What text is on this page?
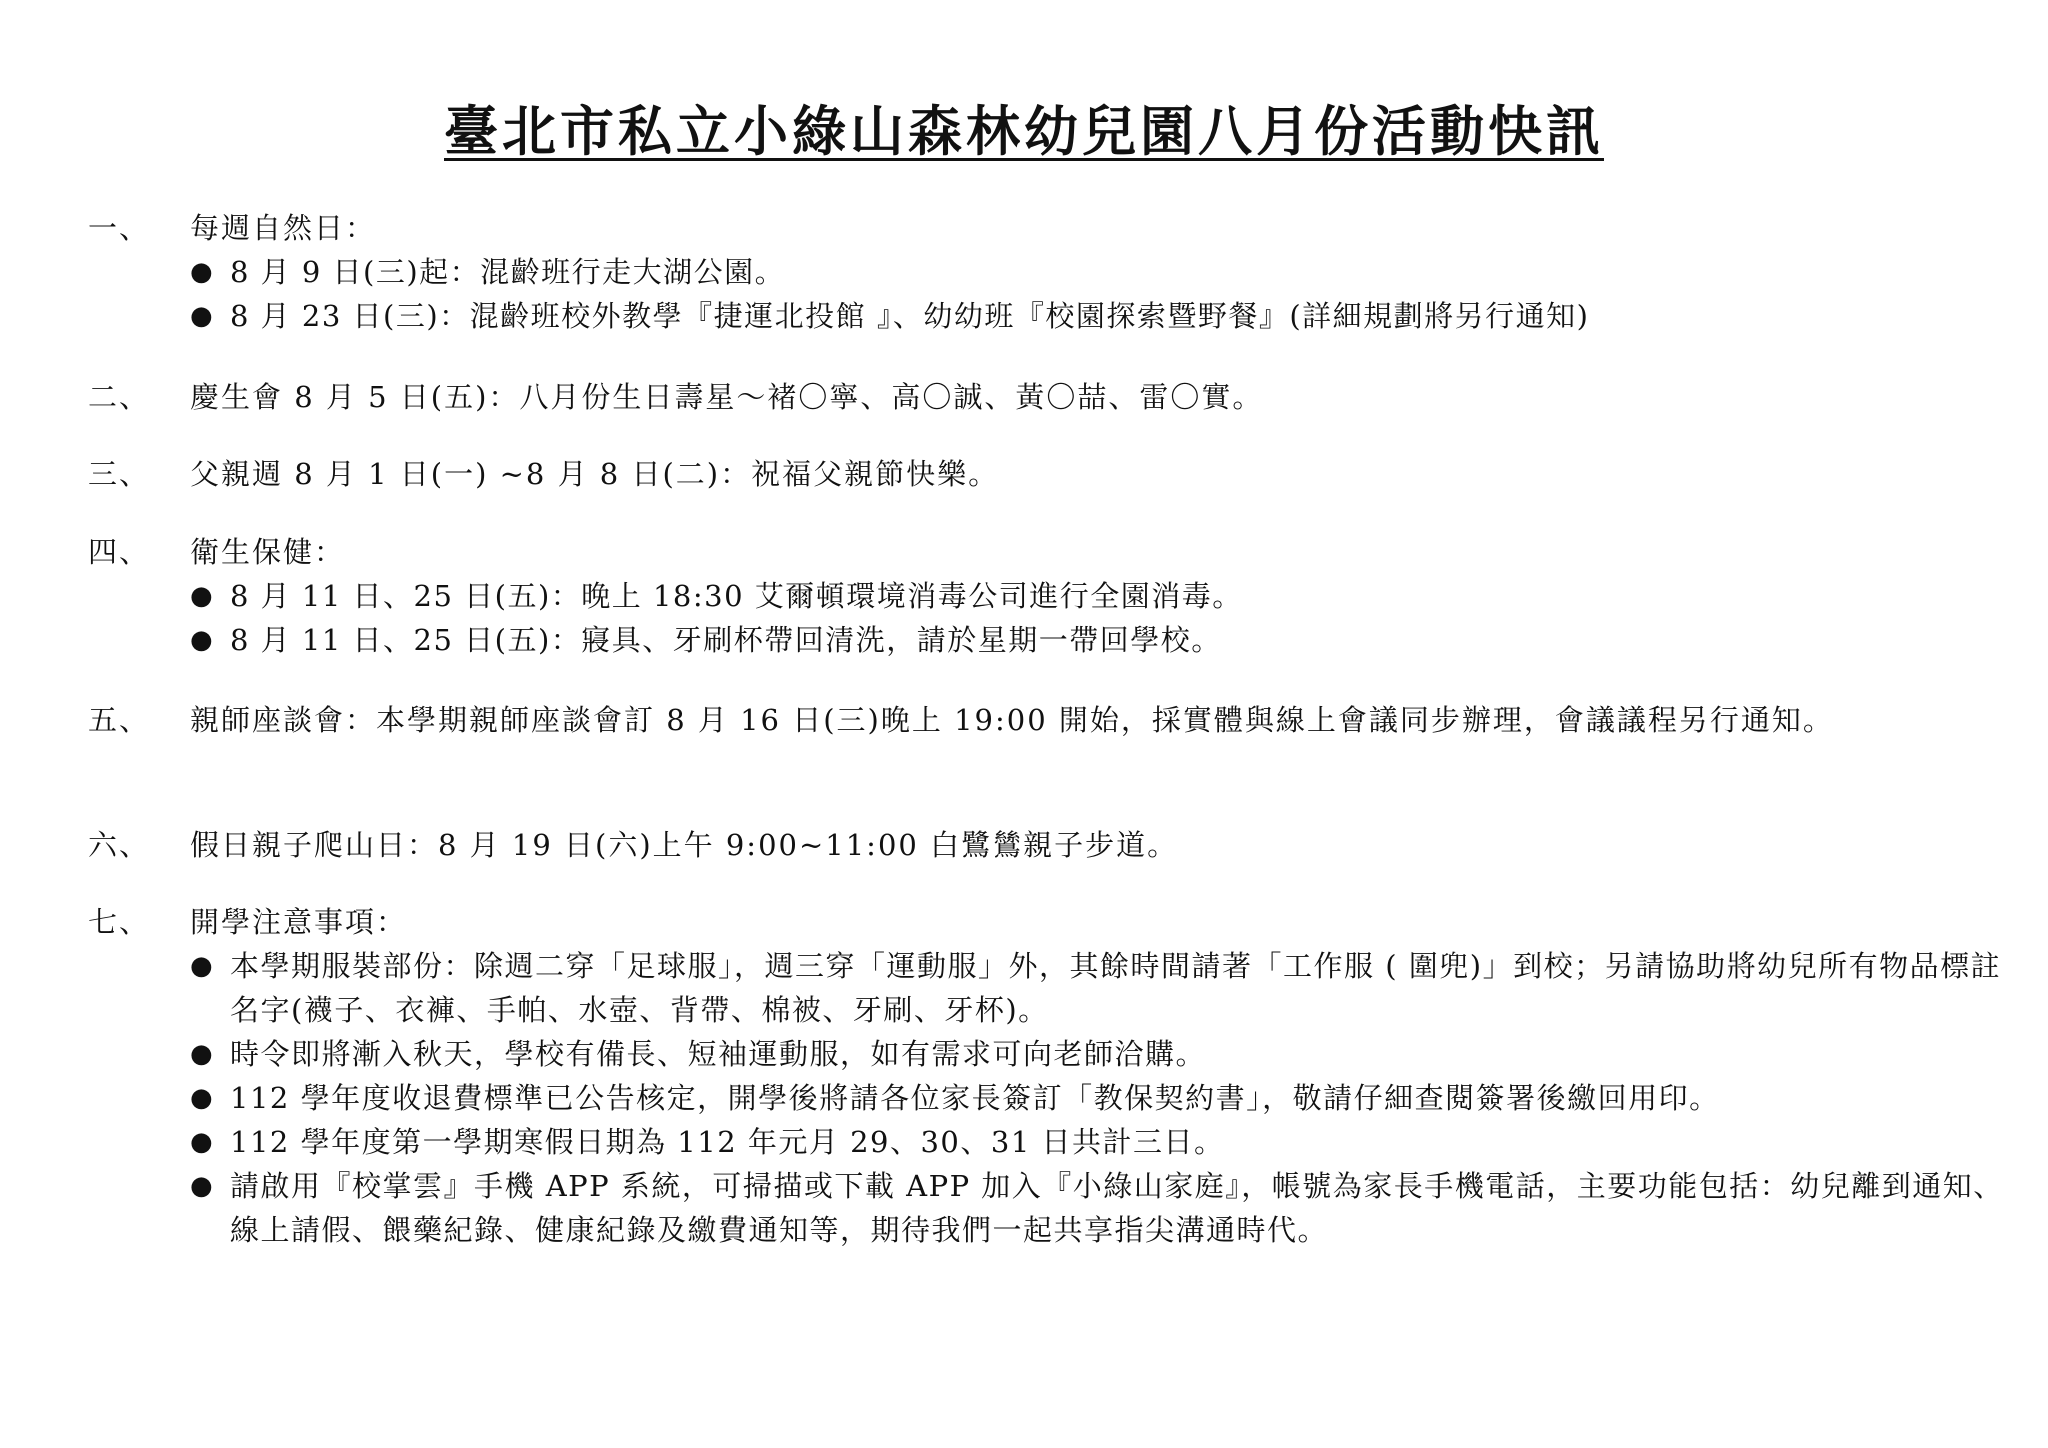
臺北市私立小綠山森林幼兒園八月份活動快訊
一、	每週自然日：
● 8 月 9 日(三)起：混齡班行走大湖公園。
● 8 月 23 日(三)：混齡班校外教學『捷運北投館 』、幼幼班『校園探索暨野餐』(詳細規劃將另行通知)
二、	慶生會 8 月 5 日(五)：八月份生日壽星～褚〇寧、高〇誠、黃〇喆、雷〇實。
三、	父親週 8 月 1 日(一) ~8 月 8 日(二)：祝福父親節快樂。
四、	衛生保健：
● 8 月 11 日、25 日(五)：晚上 18:30 艾爾頓環境消毒公司進行全園消毒。
● 8 月 11 日、25 日(五)：寢具、牙刷杯帶回清洗，請於星期一帶回學校。
五、	親師座談會：本學期親師座談會訂 8 月 16 日(三)晚上 19:00 開始，採實體與線上會議同步辦理，會議議程另行通知。
六、	假日親子爬山日：8 月 19 日(六)上午 9:00~11:00 白鷺鷥親子步道。
七、	開學注意事項：
● 本學期服裝部份：除週二穿「足球服」，週三穿「運動服」外，其餘時間請著「工作服 ( 圍兜)」到校；另請協助將幼兒所有物品標註名字(襪子、衣褲、手帕、水壺、背帶、棉被、牙刷、牙杯)。
● 時令即將漸入秋天，學校有備長、短袖運動服，如有需求可向老師洽購。
● 112 學年度收退費標準已公告核定，開學後將請各位家長簽訂「教保契約書」，敬請仔細查閱簽署後繳回用印。
● 112 學年度第一學期寒假日期為 112 年元月 29、30、31 日共計三日。
● 請啟用『校掌雲』手機 APP 系統，可掃描或下載 APP 加入『小綠山家庭』，帳號為家長手機電話，主要功能包括：幼兒離到通知、線上請假、餵藥紀錄、健康紀錄及繳費通知等，期待我們一起共享指尖溝通時代。
